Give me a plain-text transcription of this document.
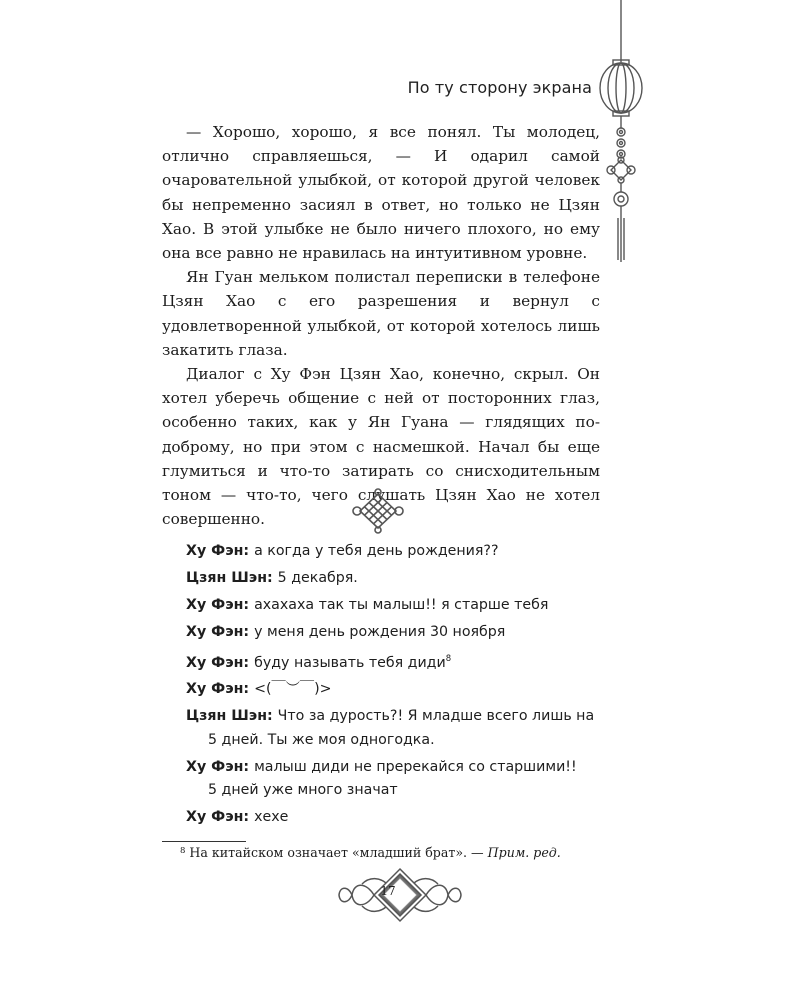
По ту сторону экрана

— Хорошо, хорошо, я все понял. Ты молодец, отлично справляешься, — И одарил самой очаровательной улыбкой, от которой другой человек бы непременно засиял в ответ, но только не Цзян Хао. В этой улыбке не было ничего плохого, но ему она все равно не нравилась на интуитивном уровне.

Ян Гуан мельком полистал переписки в телефоне Цзян Хао с его разрешения и вернул с удовлетворенной улыбкой, от которой хотелось лишь закатить глаза.

Диалог с Ху Фэн Цзян Хао, конечно, скрыл. Он хотел уберечь общение с ней от посторонних глаз, особенно таких, как у Ян Гуана — глядящих по-доброму, но при этом с насмешкой. Начал бы еще глумиться и что-то затирать со снисходительным тоном — что-то, чего слушать Цзян Хао не хотел совершенно.

Ху Фэн: а когда у тебя день рождения??
Цзян Шэн: 5 декабря.
Ху Фэн: ахахаха так ты малыш!! я старше тебя
Ху Фэн: у меня день рождения 30 ноября
Ху Фэн: буду называть тебя диди$^8$
Ху Фэн: <(￣︶￣)>
Цзян Шэн: Что за дурость?! Я младше всего лишь на
5 дней. Ты же моя одногодка.
Ху Фэн: малыш диди не пререкайся со старшими!!
5 дней уже много значат
Ху Фэн: хехе
$^8$ На китайском означает «младший брат». — Прим. ред.
17
